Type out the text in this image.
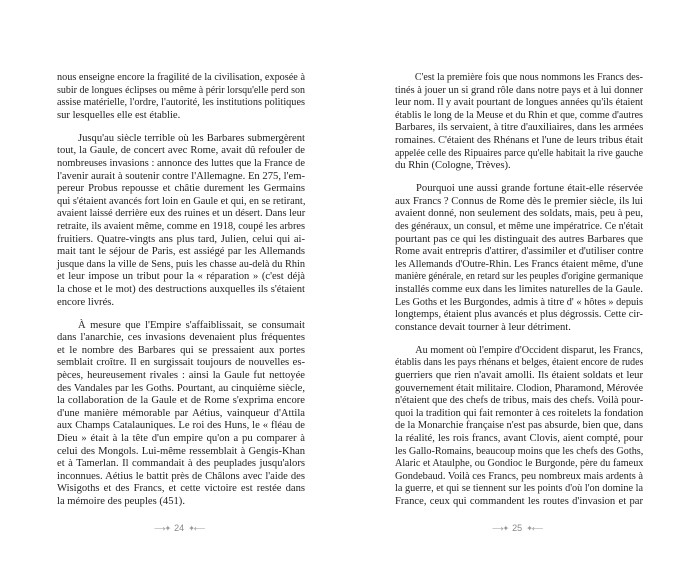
nous enseigne encore la fragilité de la civilisation, exposée à
subir de longues éclipses ou même à périr lorsqu'elle perd son
assise matérielle, l'ordre, l'autorité, les institutions politiques
sur lesquelles elle est établie.
Jusqu'au siècle terrible où les Barbares submergèrent
tout, la Gaule, de concert avec Rome, avait dû refouler de
nombreuses invasions : annonce des luttes que la France de
l'avenir aurait à soutenir contre l'Allemagne. En 275, l'em-
pereur Probus repousse et châtie durement les Germains
qui s'étaient avancés fort loin en Gaule et qui, en se retirant,
avaient laissé derrière eux des ruines et un désert. Dans leur
retraite, ils avaient même, comme en 1918, coupé les arbres
fruitiers. Quatre-vingts ans plus tard, Julien, celui qui ai-
mait tant le séjour de Paris, est assiégé par les Allemands
jusque dans la ville de Sens, puis les chasse au-delà du Rhin
et leur impose un tribut pour la « réparation » (c'est déjà
la chose et le mot) des destructions auxquelles ils s'étaient
encore livrés.
À mesure que l'Empire s'affaiblissait, se consumait
dans l'anarchie, ces invasions devenaient plus fréquentes
et le nombre des Barbares qui se pressaient aux portes
semblait croître. Il en surgissait toujours de nouvelles es-
pèces, heureusement rivales : ainsi la Gaule fut nettoyée
des Vandales par les Goths. Pourtant, au cinquième siècle,
la collaboration de la Gaule et de Rome s'exprima encore
d'une manière mémorable par Aétius, vainqueur d'Attila
aux Champs Catalauniques. Le roi des Huns, le « fléau de
Dieu » était à la tête d'un empire qu'on a pu comparer à
celui des Mongols. Lui-même ressemblait à Gengis-Khan
et à Tamerlan. Il commandait à des peuplades jusqu'alors
inconnues. Aétius le battit près de Châlons avec l'aide des
Wisigoths et des Francs, et cette victoire est restée dans
la mémoire des peuples (451).
C'est la première fois que nous nommons les Francs des-
tinés à jouer un si grand rôle dans notre pays et à lui donner
leur nom. Il y avait pourtant de longues années qu'ils étaient
établis le long de la Meuse et du Rhin et que, comme d'autres
Barbares, ils servaient, à titre d'auxiliaires, dans les armées
romaines. C'étaient des Rhénans et l'une de leurs tribus était
appelée celle des Ripuaires parce qu'elle habitait la rive gauche
du Rhin (Cologne, Trèves).
Pourquoi une aussi grande fortune était-elle réservée
aux Francs ? Connus de Rome dès le premier siècle, ils lui
avaient donné, non seulement des soldats, mais, peu à peu,
des généraux, un consul, et même une impératrice. Ce n'était
pourtant pas ce qui les distinguait des autres Barbares que
Rome avait entrepris d'attirer, d'assimiler et d'utiliser contre
les Allemands d'Outre-Rhin. Les Francs étaient même, d'une
manière générale, en retard sur les peuples d'origine germanique
installés comme eux dans les limites naturelles de la Gaule.
Les Goths et les Burgondes, admis à titre d' « hôtes » depuis
longtemps, étaient plus avancés et plus dégrossis. Cette cir-
constance devait tourner à leur détriment.
Au moment où l'empire d'Occident disparut, les Francs,
établis dans les pays rhénans et belges, étaient encore de rudes
guerriers que rien n'avait amolli. Ils étaient soldats et leur
gouvernement était militaire. Clodion, Pharamond, Mérovée
n'étaient que des chefs de tribus, mais des chefs. Voilà pour-
quoi la tradition qui fait remonter à ces roitelets la fondation
de la Monarchie française n'est pas absurde, bien que, dans
la réalité, les rois francs, avant Clovis, aient compté, pour
les Gallo-Romains, beaucoup moins que les chefs des Goths,
Alaric et Ataulphe, ou Gondioc le Burgonde, père du fameux
Gondebaud. Voilà ces Francs, peu nombreux mais ardents à
la guerre, et qui se tiennent sur les points d'où l'on domine la
France, ceux qui commandent les routes d'invasion et par
⟶✦ 24 ✦⟵	⟶✦ 25 ✦⟵
